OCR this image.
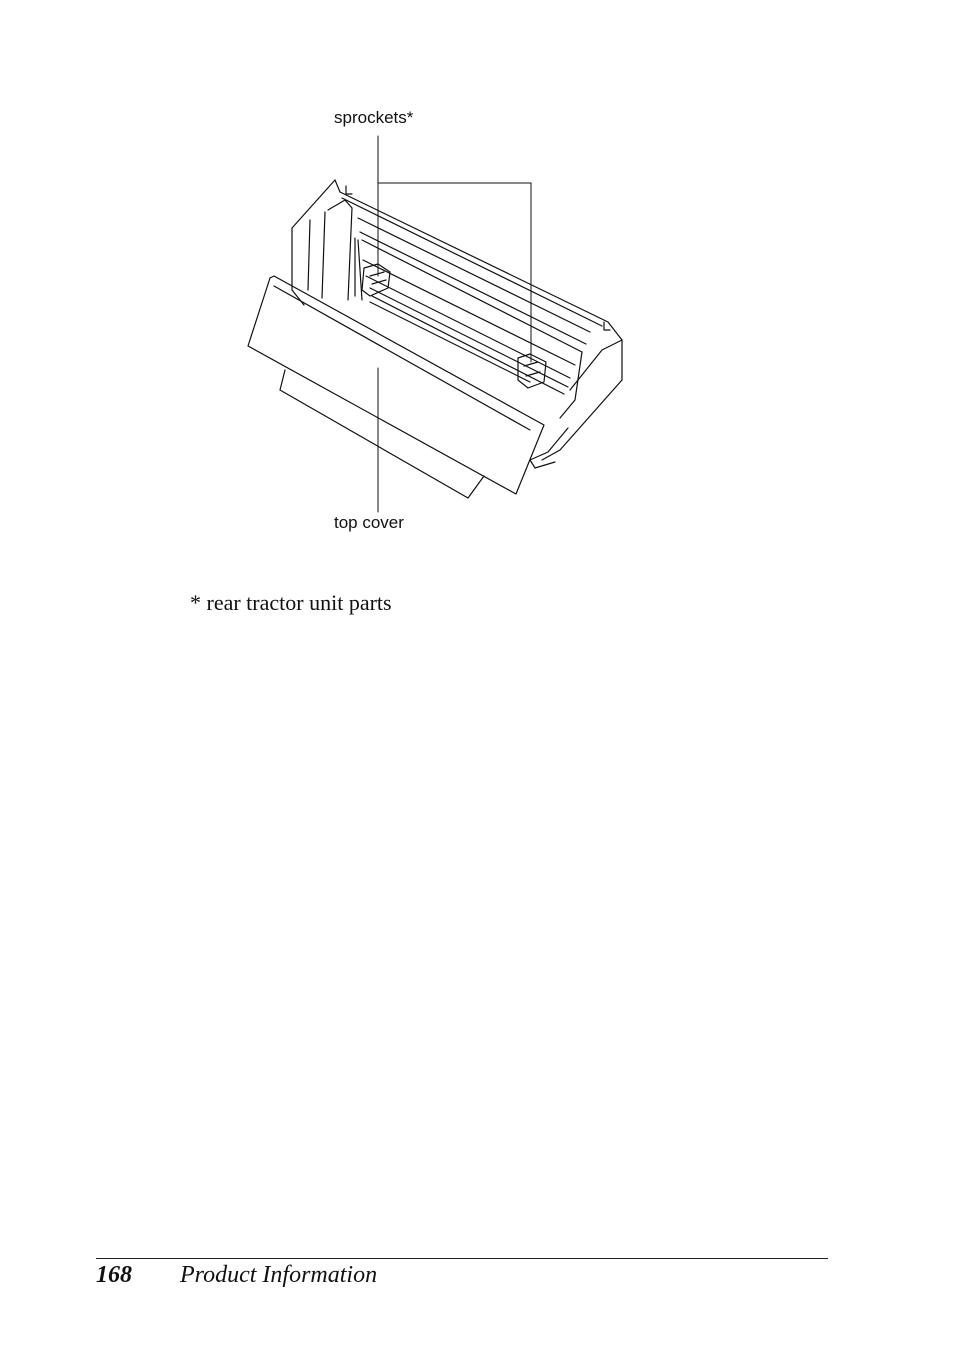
sprockets*
top cover
* rear tractor unit parts
168 Product Information
